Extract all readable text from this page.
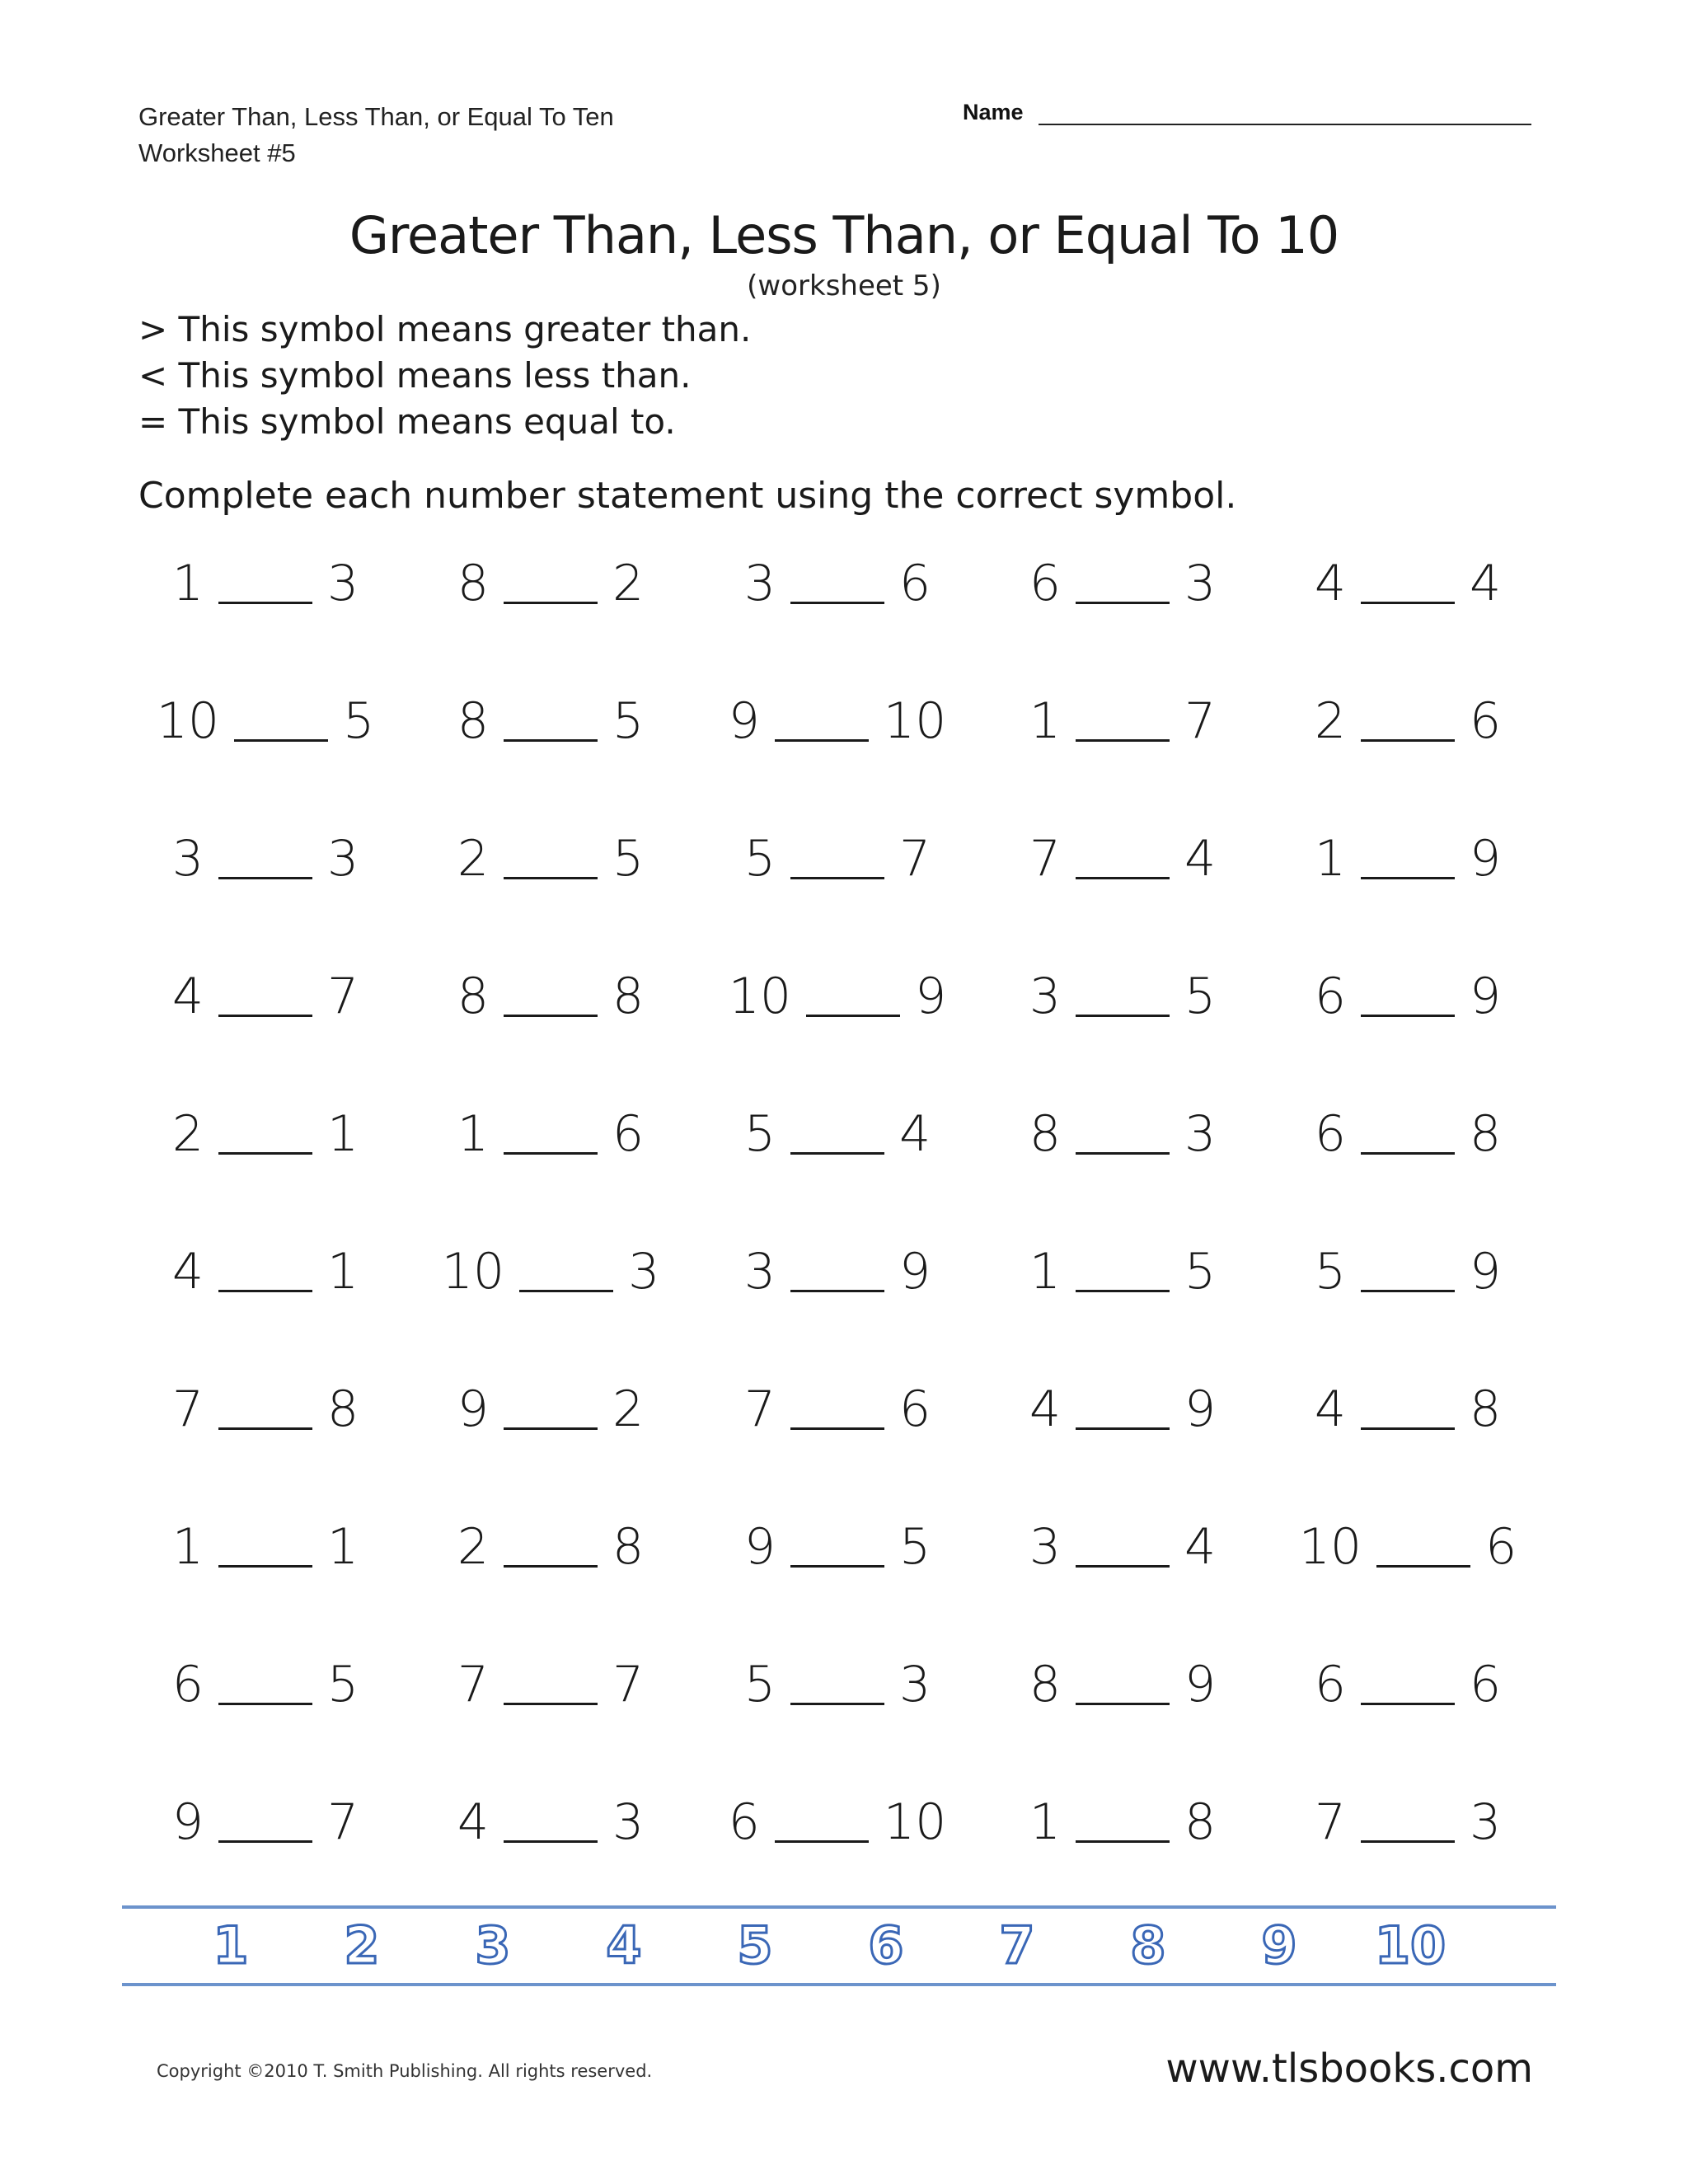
Greater Than, Less Than, or Equal To Ten
Worksheet #5
Name
Greater Than, Less Than, or Equal To 10
(worksheet 5)
> This symbol means greater than.
< This symbol means less than.
= This symbol means equal to.
Complete each number statement using the correct symbol.
1	3 8	2 3	6 6	3 4	4
10	5 8	5 9	10 1	7 2	6
3	3 2	5 5	7 7	4 1	9
4	7 8	8 10	9 3	5 6	9
2	1 1	6 5	4 8	3 6	8
4	1 10	3 3	9 1	5 5	9
7	8 9	2 7	6 4	9 4	8
1	1 2	8 9	5 3	4 10	6
6	5 7	7 5	3 8	9 6	6
9	7 4	3 6	10 1	8 7	3
1 2 3 4 5 6 7 8 9 10
Copyright ©2010 T. Smith Publishing. All rights reserved.	www.tlsbooks.com
